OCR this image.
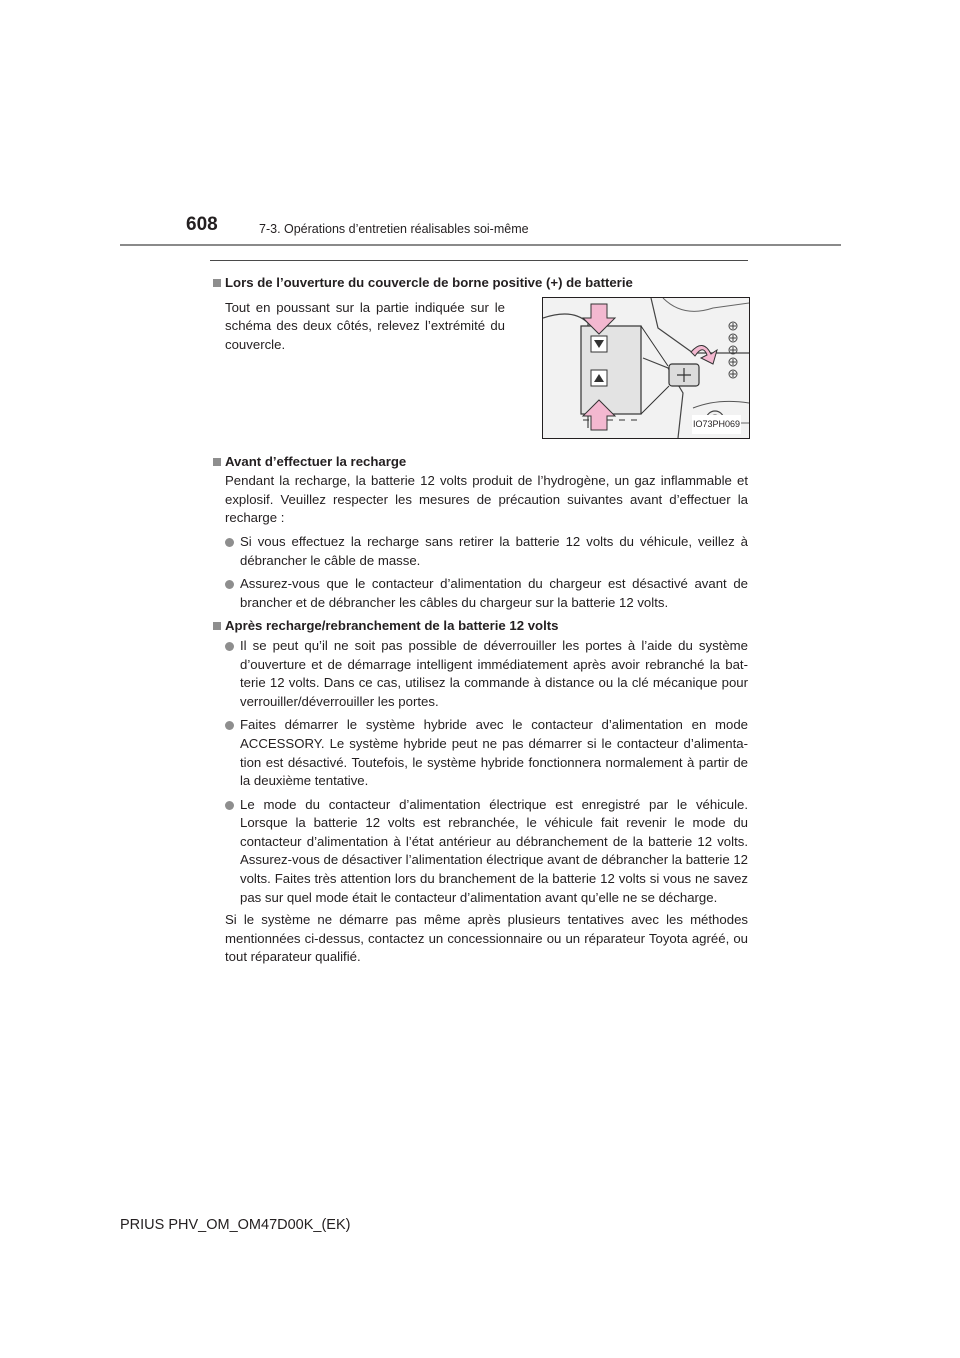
608	7-3. Opérations d’entretien réalisables soi-même
Lors de l’ouverture du couvercle de borne positive (+) de batterie
Tout en poussant sur la partie indiquée sur le schéma des deux côtés, relevez l’extrémité du couvercle.
IO73PH069
Avant d’effectuer la recharge
Pendant la recharge, la batterie 12 volts produit de l’hydrogène, un gaz inflammable et explosif. Veuillez respecter les mesures de précaution suivantes avant d’effectuer la recharge :
Si vous effectuez la recharge sans retirer la batterie 12 volts du véhicule, veillez à débrancher le câble de masse.
Assurez-vous que le contacteur d’alimentation du chargeur est désactivé avant de brancher et de débrancher les câbles du chargeur sur la batterie 12 volts.
Après recharge/rebranchement de la batterie 12 volts
Il se peut qu’il ne soit pas possible de déverrouiller les portes à l’aide du système d’ouverture et de démarrage intelligent immédiatement après avoir rebranché la bat-terie 12 volts. Dans ce cas, utilisez la commande à distance ou la clé mécanique pour verrouiller/déverrouiller les portes.
Faites démarrer le système hybride avec le contacteur d’alimentation en mode ACCESSORY. Le système hybride peut ne pas démarrer si le contacteur d’alimenta-tion est désactivé. Toutefois, le système hybride fonctionnera normalement à partir de la deuxième tentative.
Le mode du contacteur d’alimentation électrique est enregistré par le véhicule. Lorsque la batterie 12 volts est rebranchée, le véhicule fait revenir le mode du contacteur d’alimentation à l’état antérieur au débranchement de la batterie 12 volts. Assurez-vous de désactiver l’alimentation électrique avant de débrancher la batterie 12 volts. Faites très attention lors du branchement de la batterie 12 volts si vous ne savez pas sur quel mode était le contacteur d’alimentation avant qu’elle ne se décharge.
Si le système ne démarre pas même après plusieurs tentatives avec les méthodes mentionnées ci-dessus, contactez un concessionnaire ou un réparateur Toyota agréé, ou tout réparateur qualifié.
PRIUS PHV_OM_OM47D00K_(EK)
